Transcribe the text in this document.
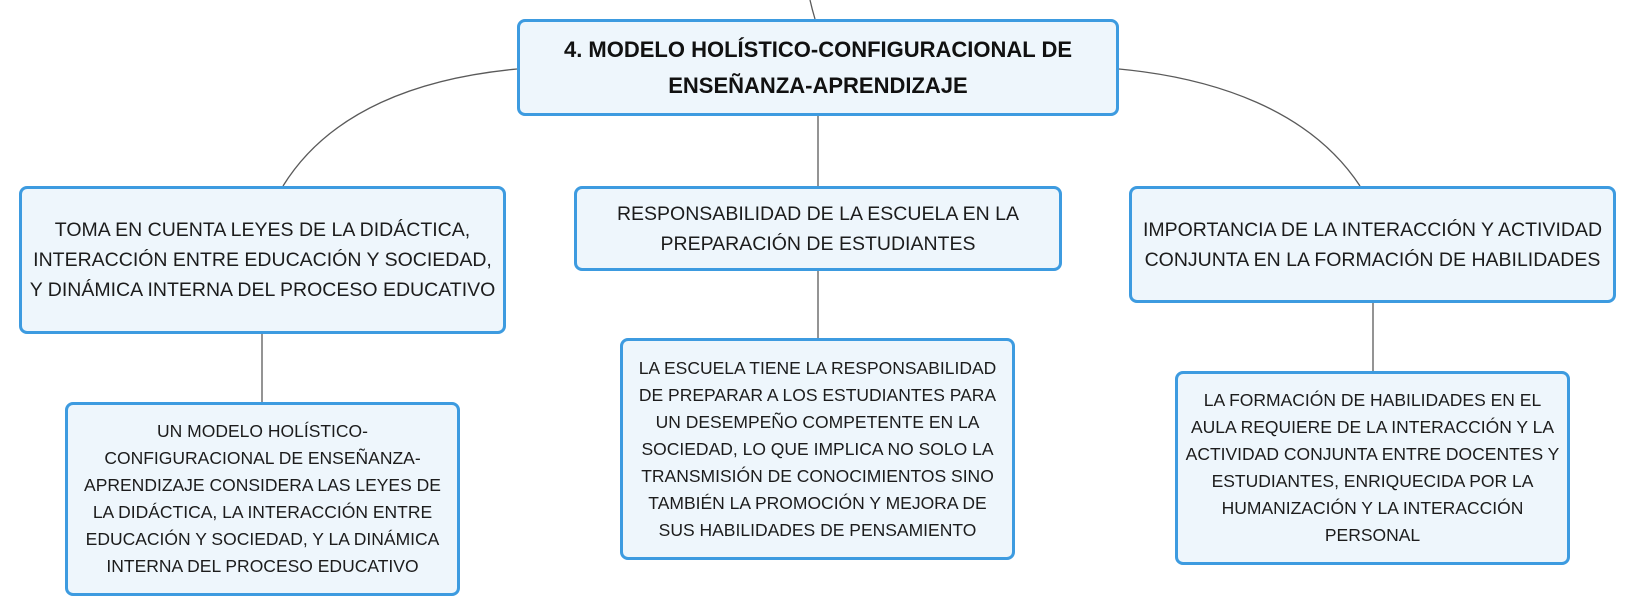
4. MODELO HOLÍSTICO-CONFIGURACIONAL DE ENSEÑANZA-APRENDIZAJE
TOMA EN CUENTA LEYES DE LA DIDÁCTICA, INTERACCIÓN ENTRE EDUCACIÓN Y SOCIEDAD, Y DINÁMICA INTERNA DEL PROCESO EDUCATIVO
RESPONSABILIDAD DE LA ESCUELA EN LA PREPARACIÓN DE ESTUDIANTES
IMPORTANCIA DE LA INTERACCIÓN Y ACTIVIDAD CONJUNTA EN LA FORMACIÓN DE HABILIDADES
UN MODELO HOLÍSTICO-CONFIGURACIONAL DE ENSEÑANZA-APRENDIZAJE CONSIDERA LAS LEYES DE LA DIDÁCTICA, LA INTERACCIÓN ENTRE EDUCACIÓN Y SOCIEDAD, Y LA DINÁMICA INTERNA DEL PROCESO EDUCATIVO
LA ESCUELA TIENE LA RESPONSABILIDAD DE PREPARAR A LOS ESTUDIANTES PARA UN DESEMPEÑO COMPETENTE EN LA SOCIEDAD, LO QUE IMPLICA NO SOLO LA TRANSMISIÓN DE CONOCIMIENTOS SINO TAMBIÉN LA PROMOCIÓN Y MEJORA DE SUS HABILIDADES DE PENSAMIENTO
LA FORMACIÓN DE HABILIDADES EN EL AULA REQUIERE DE LA INTERACCIÓN Y LA ACTIVIDAD CONJUNTA ENTRE DOCENTES Y ESTUDIANTES, ENRIQUECIDA POR LA HUMANIZACIÓN Y LA INTERACCIÓN PERSONAL
